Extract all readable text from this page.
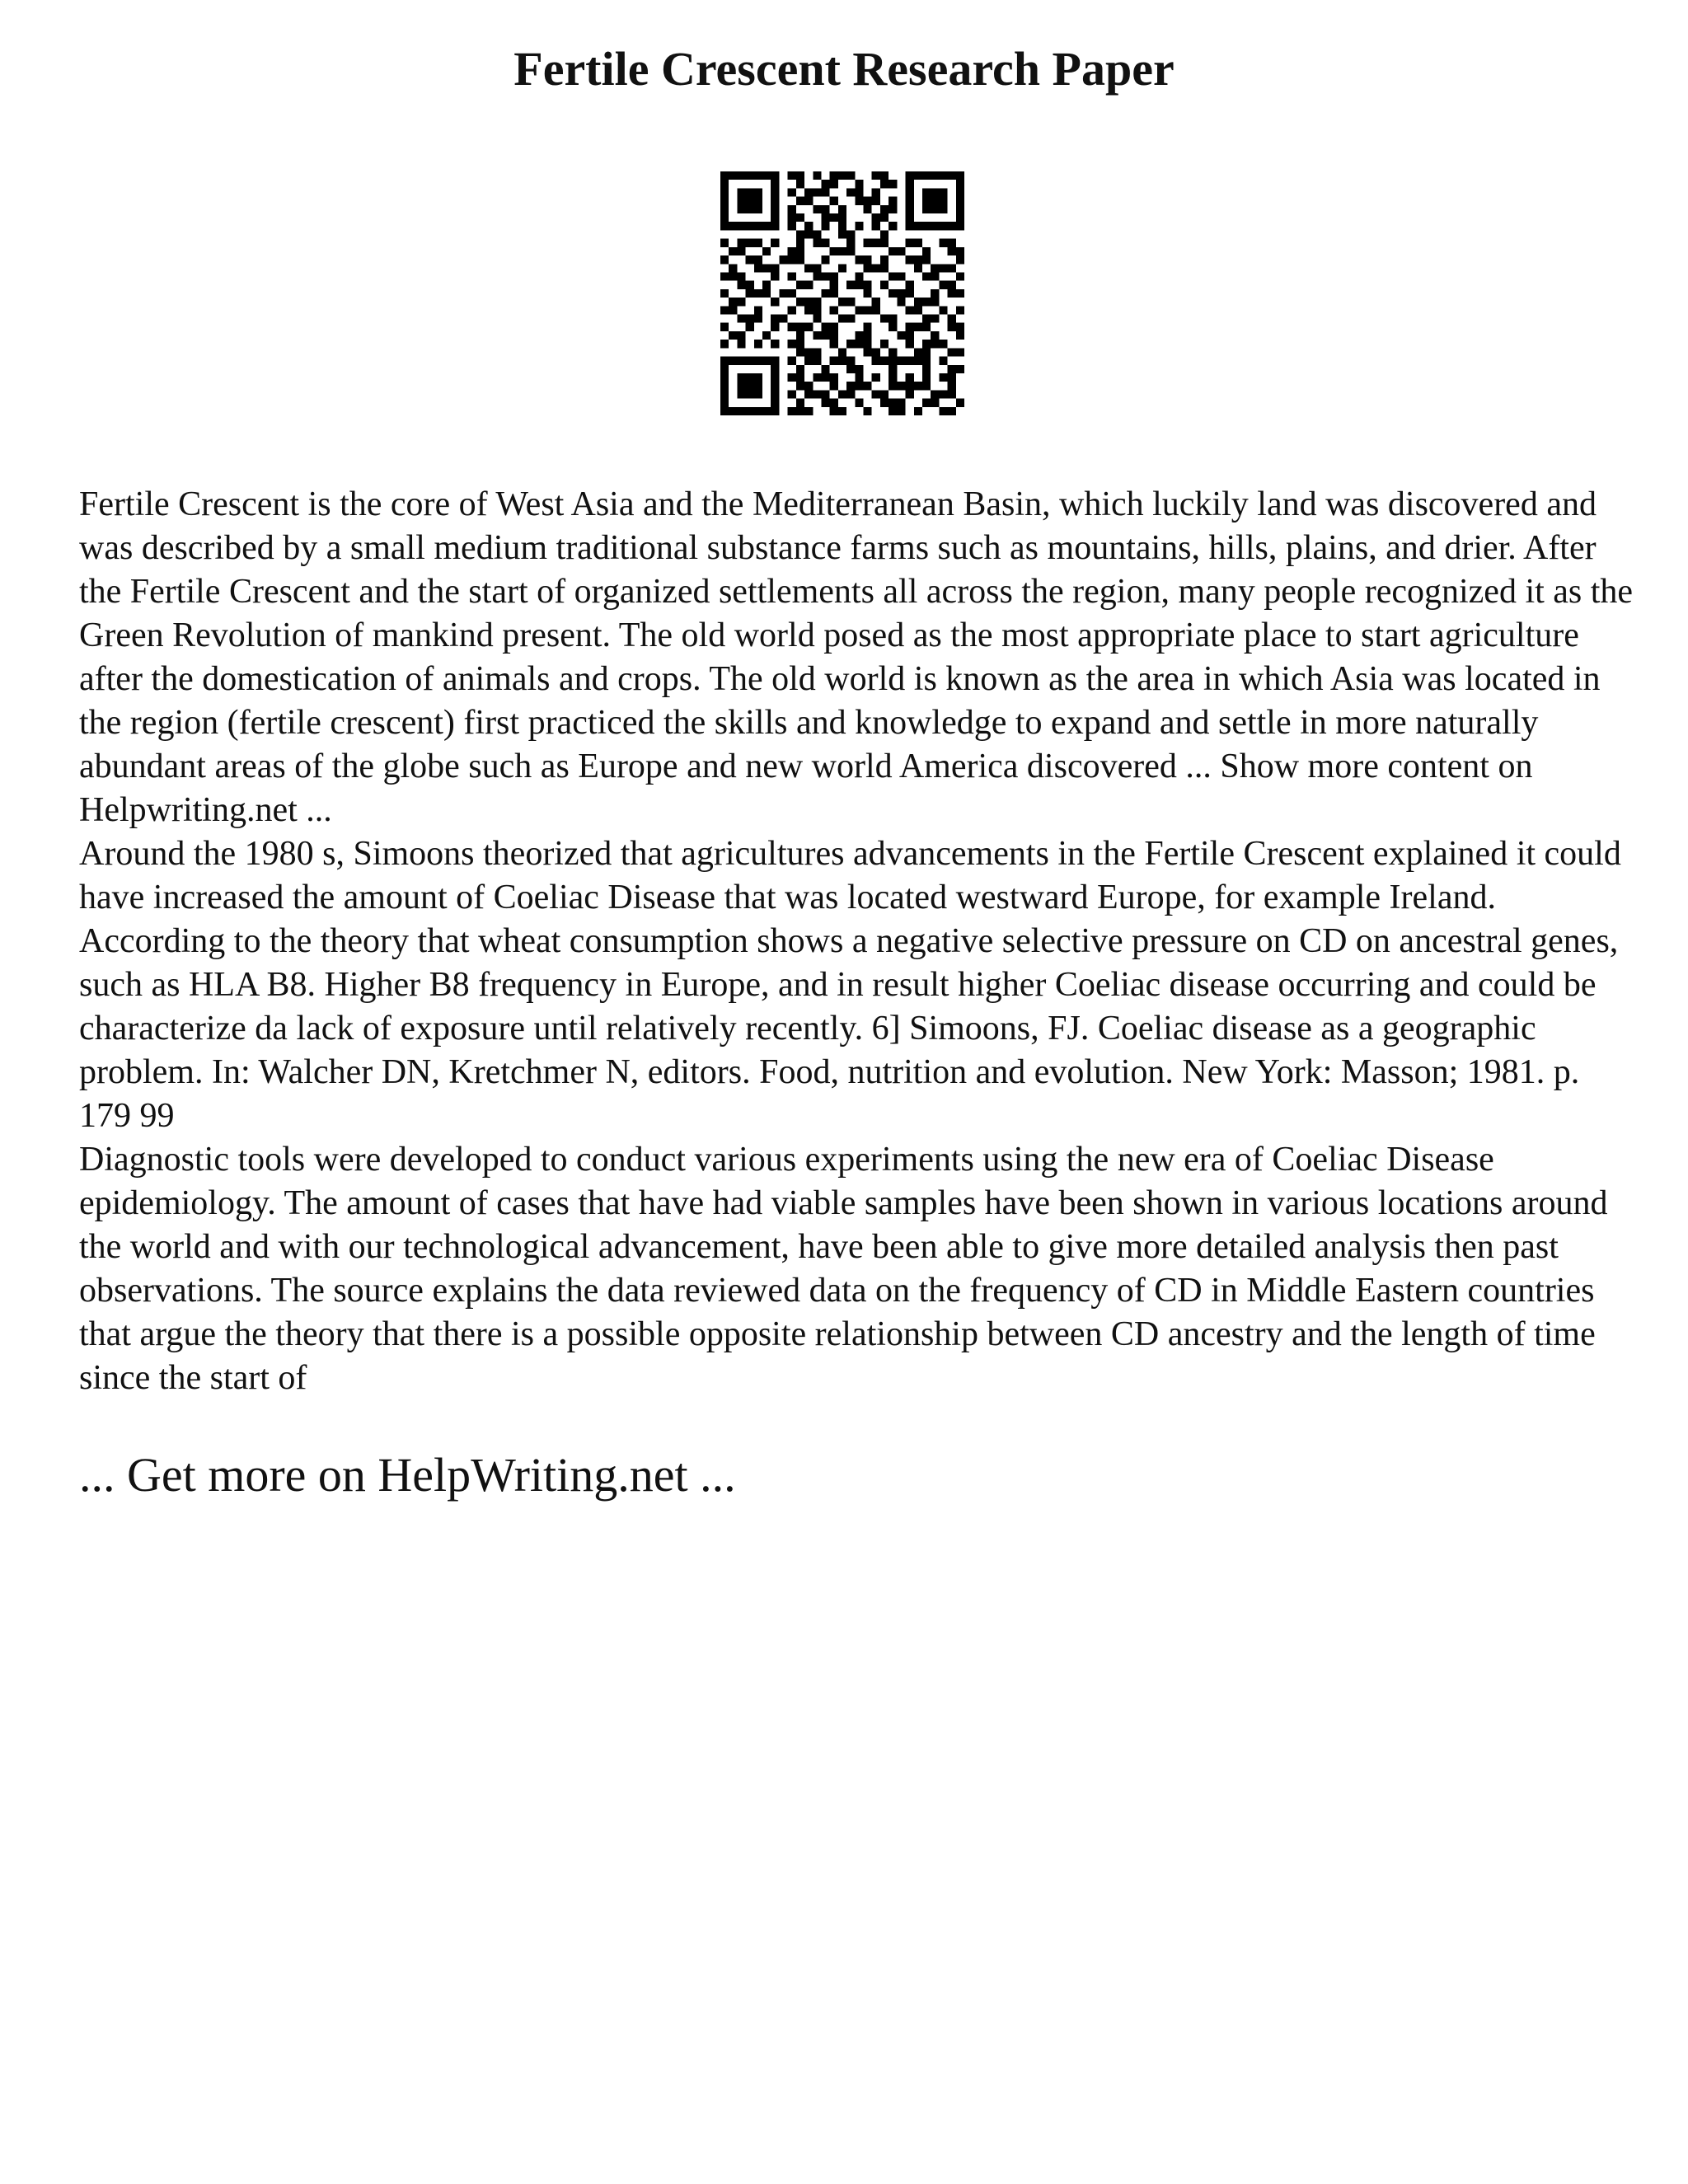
Fertile Crescent Research Paper

Fertile Crescent is the core of West Asia and the Mediterranean Basin, which luckily land was discovered and was described by a small medium traditional substance farms such as mountains, hills, plains, and drier. After the Fertile Crescent and the start of organized settlements all across the region, many people recognized it as the Green Revolution of mankind present. The old world posed as the most appropriate place to start agriculture after the domestication of animals and crops. The old world is known as the area in which Asia was located in the region (fertile crescent) first practiced the skills and knowledge to expand and settle in more naturally abundant areas of the globe such as Europe and new world America discovered ... Show more content on Helpwriting.net ...

Around the 1980 s, Simoons theorized that agricultures advancements in the Fertile Crescent explained it could have increased the amount of Coeliac Disease that was located westward Europe, for example Ireland. According to the theory that wheat consumption shows a negative selective pressure on CD on ancestral genes, such as HLA B8. Higher B8 frequency in Europe, and in result higher Coeliac disease occurring and could be characterize da lack of exposure until relatively recently. 6] Simoons, FJ. Coeliac disease as a geographic problem. In: Walcher DN, Kretchmer N, editors. Food, nutrition and evolution. New York: Masson; 1981. p. 179 99

Diagnostic tools were developed to conduct various experiments using the new era of Coeliac Disease epidemiology. The amount of cases that have had viable samples have been shown in various locations around the world and with our technological advancement, have been able to give more detailed analysis then past observations. The source explains the data reviewed data on the frequency of CD in Middle Eastern countries that argue the theory that there is a possible opposite relationship between CD ancestry and the length of time since the start of

... Get more on HelpWriting.net ...
